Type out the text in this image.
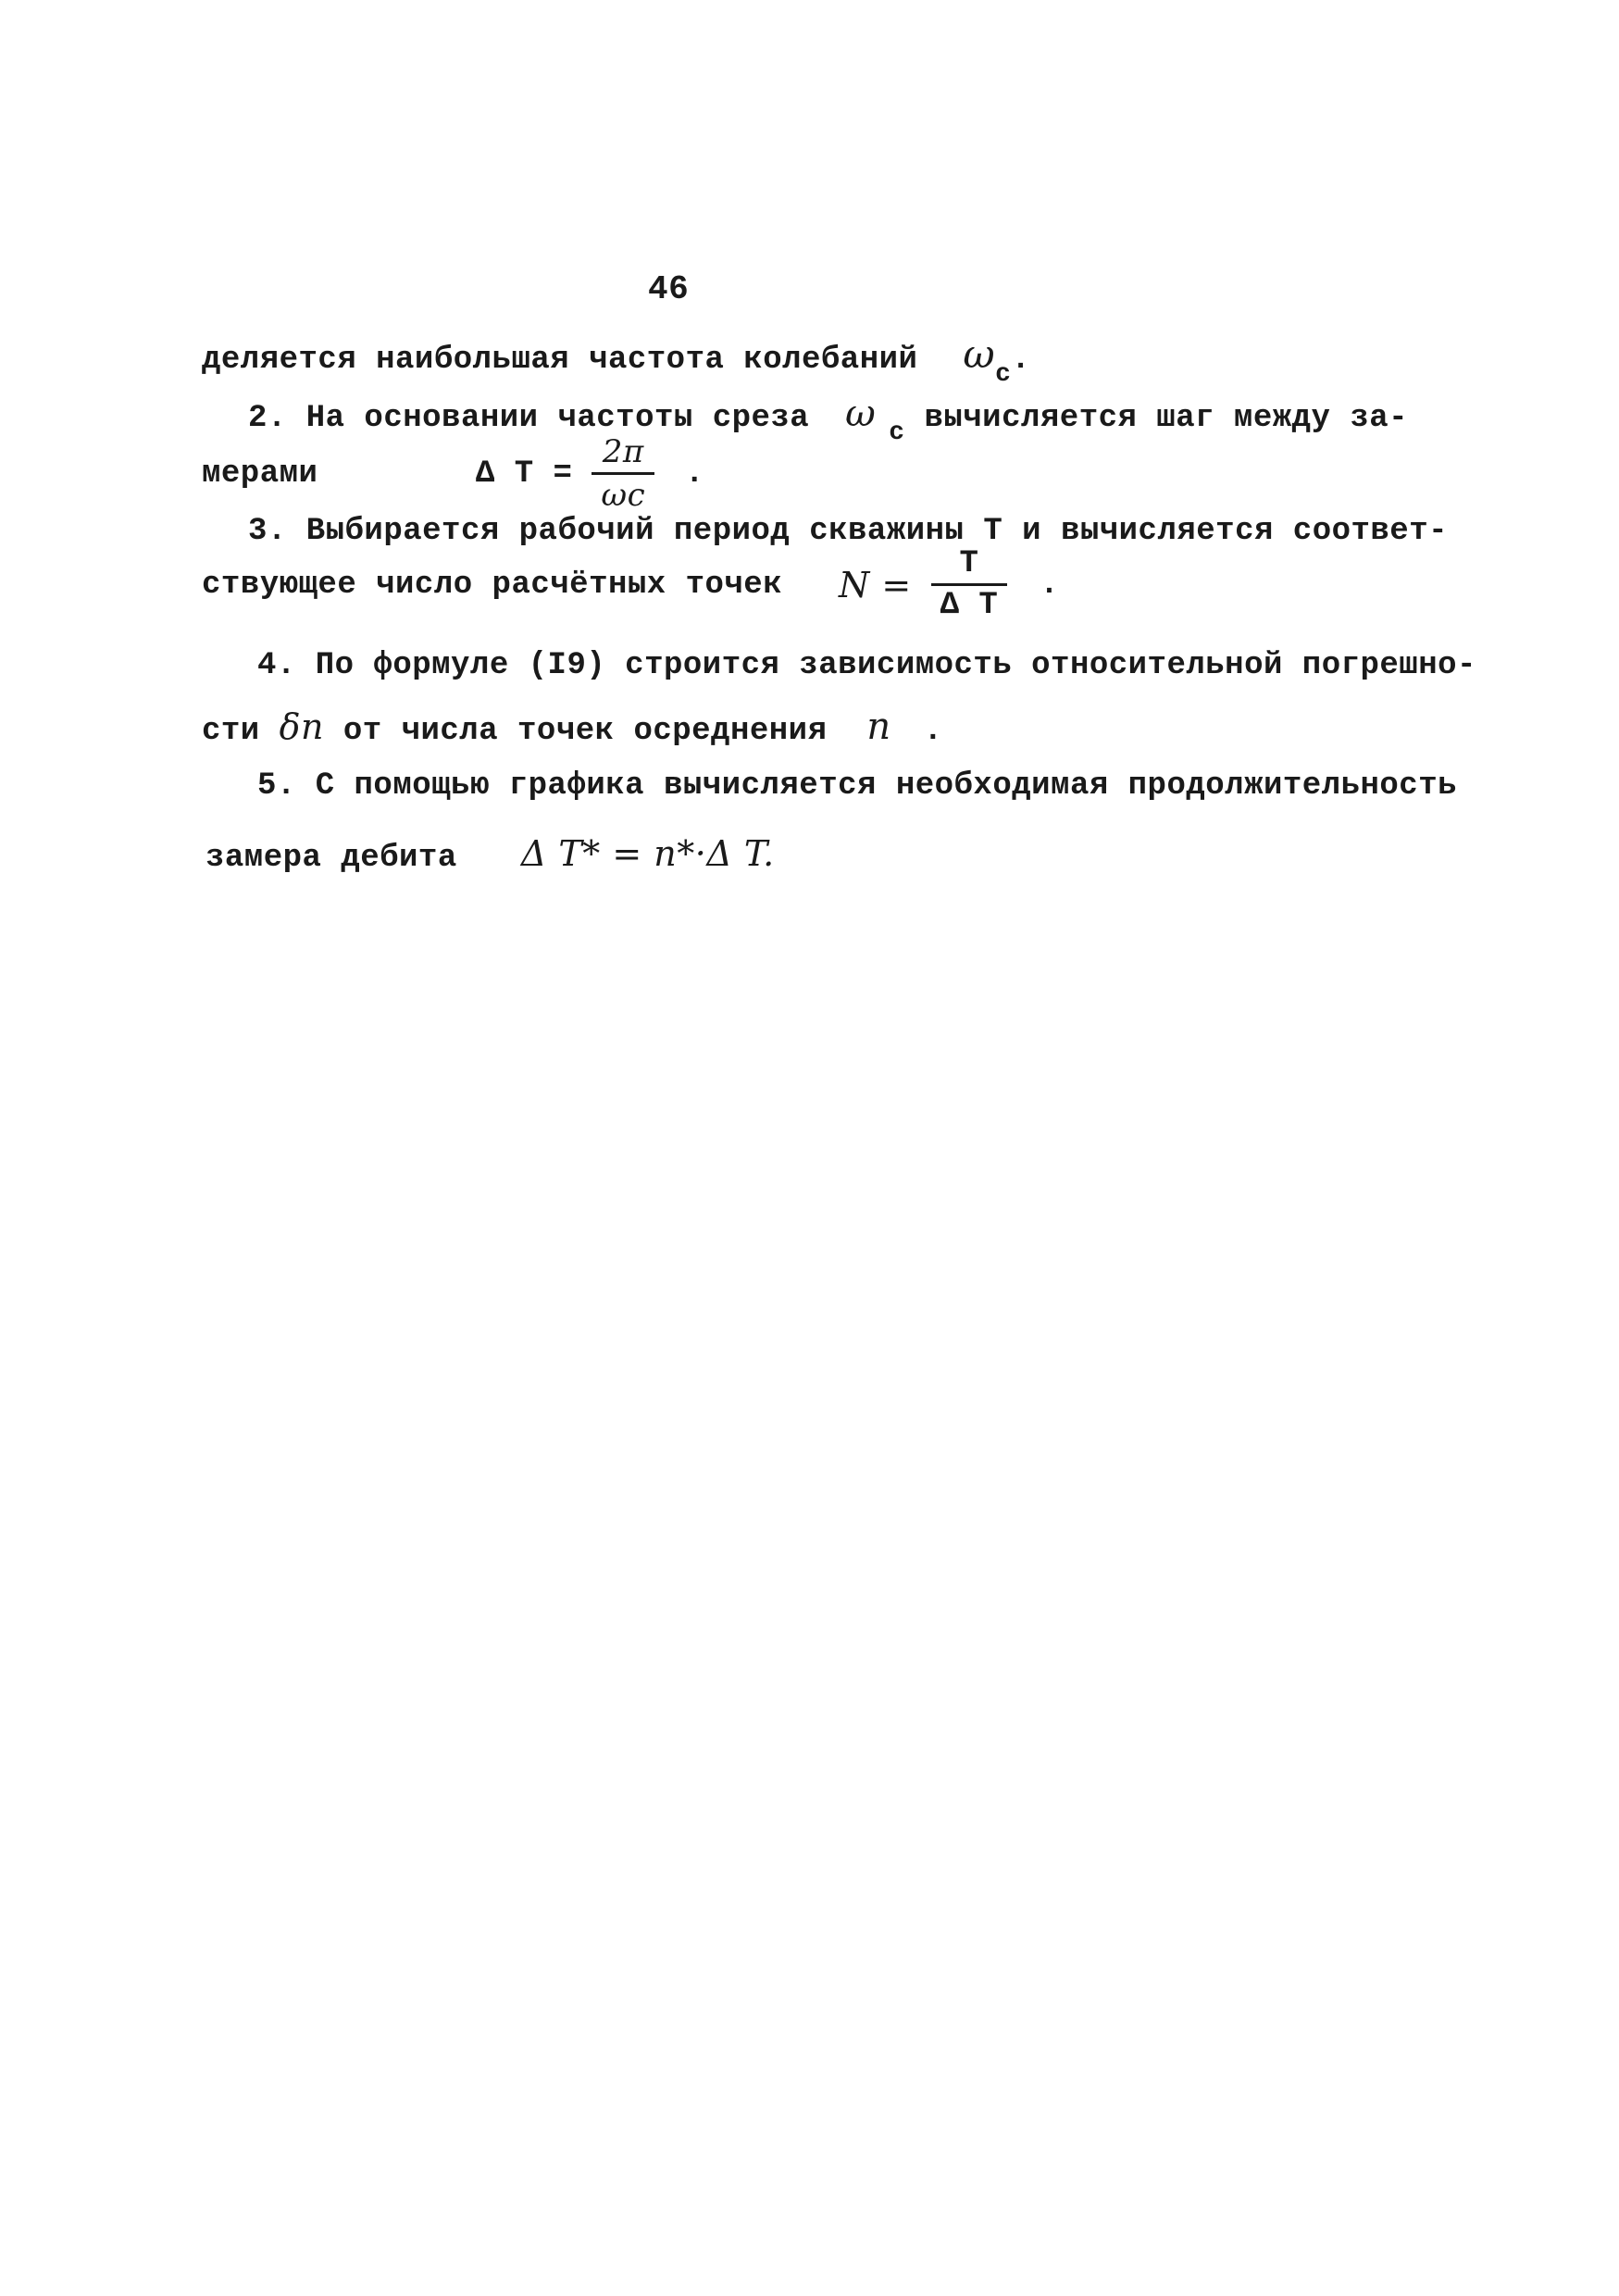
46
деляется наибольшая частота колебаний $\omega_c$.
2. На основании частоты среза ω $_c$ вычисляется шаг между за-
мерами	Δ $T = \frac{2\pi}{\omega c}$ .
3. Выбирается рабочий период скважины T и вычисляется соответ-
ствующее число расчётных точек $N = \frac{T}{\text{Δ T}}$ .
4. По формуле (I9) строится зависимость относительной погрешно-
сти δn от числа точек осреднения n .
5. С помощью графика вычисляется необходимая продолжительность
замера дебита Δ T* = n*·Δ T.
